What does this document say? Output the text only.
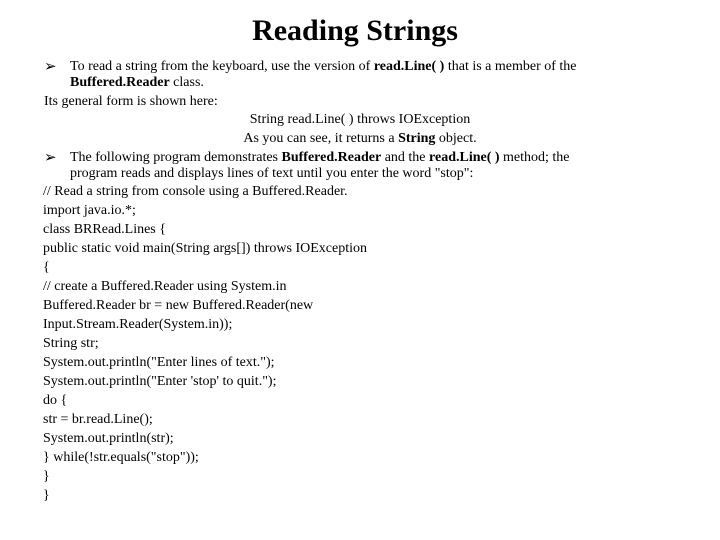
Reading Strings
➢ To read a string from the keyboard, use the version of read.Line( ) that is a member of the
Buffered.Reader class.
Its general form is shown here:
String read.Line( ) throws IOException
As you can see, it returns a String object.
➢ The following program demonstrates Buffered.Reader and the read.Line( ) method; the
program reads and displays lines of text until you enter the word "stop":
// Read a string from console using a Buffered.Reader.
import java.io.*;
class BRRead.Lines {
public static void main(String args[]) throws IOException
{
// create a Buffered.Reader using System.in
Buffered.Reader br = new Buffered.Reader(new
Input.Stream.Reader(System.in));
String str;
System.out.println("Enter lines of text.");
System.out.println("Enter 'stop' to quit.");
do {
str = br.read.Line();
System.out.println(str);
} while(!str.equals("stop"));
}
}
